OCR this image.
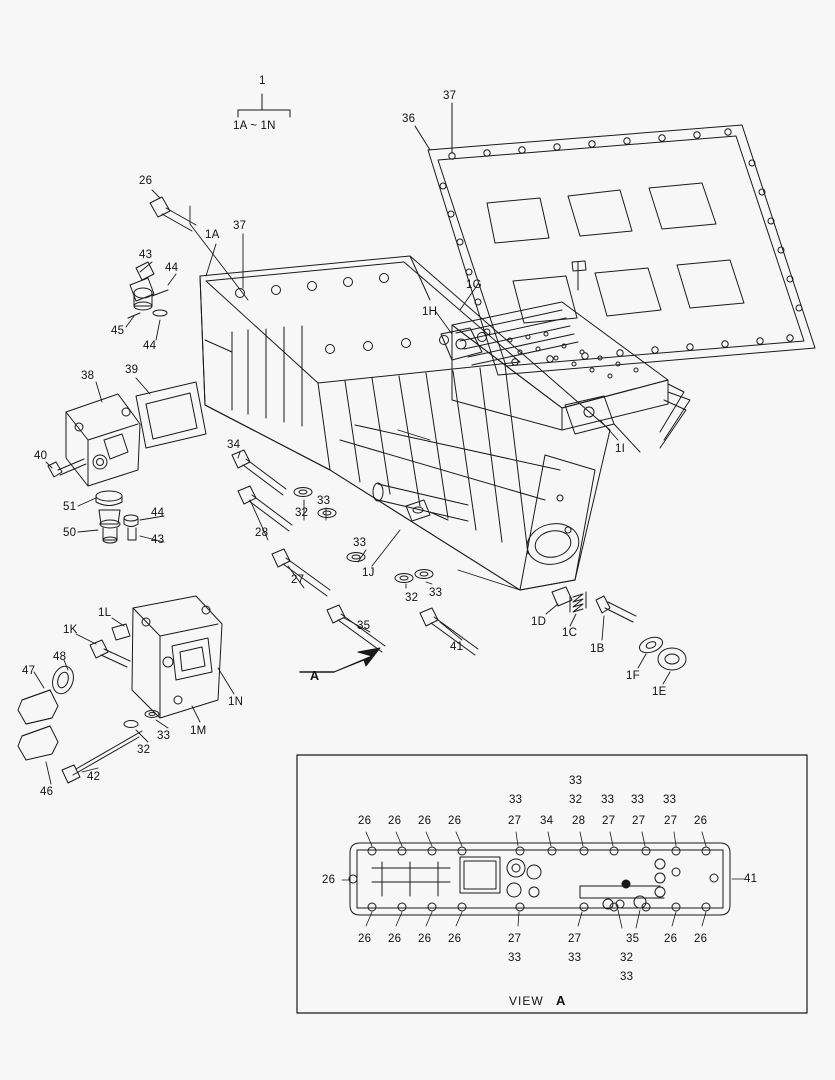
1
1A ~ 1N
37
36
26
1A
37
43
44
45
44
1G
1H
1I
38	39
40
51
50
44
43
34
32
33
28
33
1J
27
32 33
35
41
1D
1C
1B
1F
1E
1L
1K
48
47
1N
33 1M
32
42
46
A
33
33	32 33 33 33
26 26 26 26	27 34 28 27 27 27 26
26	41
26 26 26 26	27	27	35 26 26
33	33	32
33
VIEW A
